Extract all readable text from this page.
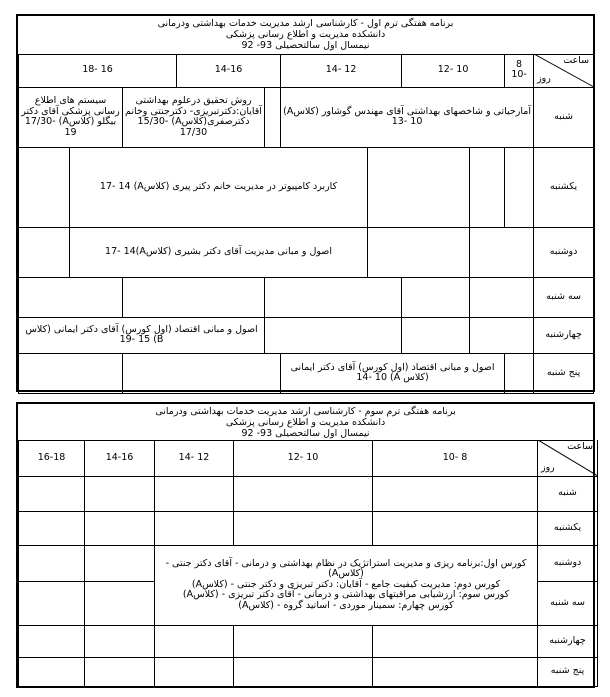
برنامه هفتگی ترم اول - کارشناسی ارشد مدیریت خدمات بهداشتی ودرمانی
دانشکده مدیریت و اطلاع رسانی پزشکی
نیمسال اول سالتحصیلی 93- 92
16 -18			14-16		12 -14		10 -12		8 -10	ساعت
روز

سیستم های اطلاع رسانی پزشکی آقای دکتر بیگلو (کلاسA) 17/30- 19		روش تحقیق درعلوم بهداشتی آقایان:دکترتبریزی- دکترجنتی وخانم دکترصفری(کلاسA) 15/30- 17/30			آمارحیاتی و شاخصهای بهداشتی آقای مهندس گوشاور (کلاسA) 13- 10					شنبه
	کاربرد کامپیوتر در مدیریت خانم دکتر پیری (کلاسA) 17- 14									یکشنبه
	اصول و مبانی مدیریت آقای دکتر بشیری (کلاسA)17- 14									دوشنبه
										سه شنبه
اصول و مبانی اقتصاد (اول کورس) آقای دکتر ایمانی (کلاس B) 19- 15										چهارشنبه
					اصول و مبانی اقتصاد (اول کورس) آقای دکتر ایمانی (کلاس A) 14- 10					پنج شنبه
برنامه هفتگی ترم سوم - کارشناسی ارشد مدیریت خدمات بهداشتی ودرمانی
دانشکده مدیریت و اطلاع رسانی پزشکی
نیمسال اول سالتحصیلی 93- 92
16-18	14-16	12 -14	10 -12	8 -10	ساعت
روز

					شنبه
					یکشنبه

		کورس اول:برنامه ریزی و مدیریت استراتژیک در نظام بهداشتی و درمانی - آقای دکتر جنتی - (کلاسA)
کورس دوم: مدیریت کیفیت جامع - آقایان: دکتر تبریزی و دکتر جنتی - (کلاسA)
کورس سوم: ارزشیابی مراقبتهای بهداشتی و درمانی - آقای دکتر تبریزی - (کلاسA)
کورس چهارم: سمینار موردی - اساتید گروه - (کلاسA)			دوشنبه
					سه شنبه
					چهارشنبه
					پنج شنبه
